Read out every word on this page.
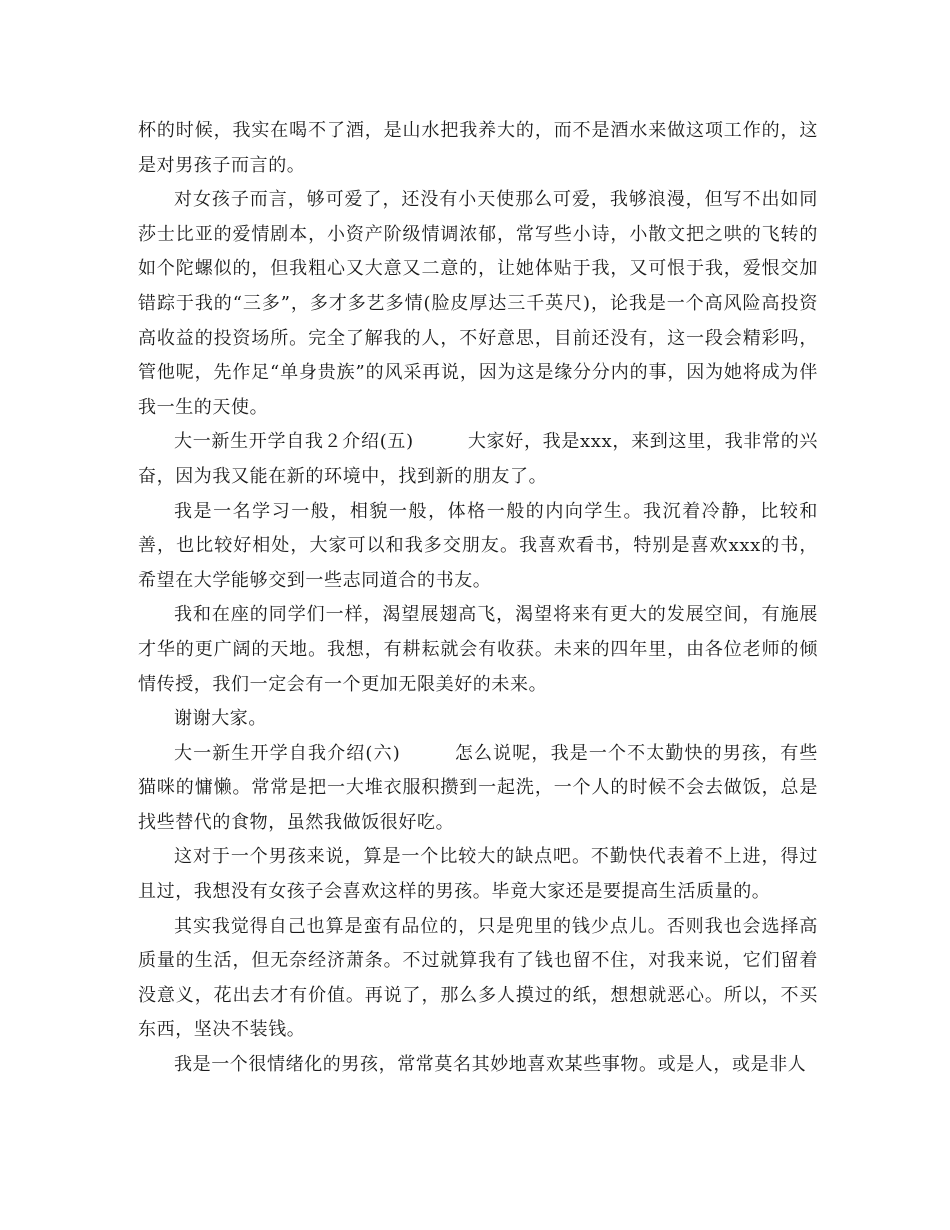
杯的时候，我实在喝不了酒，是山水把我养大的，而不是酒水来做这项工作的，这是对男孩子而言的。

对女孩子而言，够可爱了，还没有小天使那么可爱，我够浪漫，但写不出如同莎士比亚的爱情剧本，小资产阶级情调浓郁，常写些小诗，小散文把之哄的飞转的如个陀螺似的，但我粗心又大意又二意的，让她体贴于我，又可恨于我，爱恨交加错踪于我的“三多”，多才多艺多情(脸皮厚达三千英尺)，论我是一个高风险高投资高收益的投资场所。完全了解我的人，不好意思，目前还没有，这一段会精彩吗，管他呢，先作足“单身贵族”的风采再说，因为这是缘分分内的事，因为她将成为伴我一生的天使。

大一新生开学自我２介绍(五)	大家好，我是xxx，来到这里，我非常的兴奋，因为我又能在新的环境中，找到新的朋友了。

我是一名学习一般，相貌一般，体格一般的内向学生。我沉着冷静，比较和善，也比较好相处，大家可以和我多交朋友。我喜欢看书，特别是喜欢xxx的书，希望在大学能够交到一些志同道合的书友。

我和在座的同学们一样，渴望展翅高飞，渴望将来有更大的发展空间，有施展才华的更广阔的天地。我想，有耕耘就会有收获。未来的四年里，由各位老师的倾情传授，我们一定会有一个更加无限美好的未来。

谢谢大家。

大一新生开学自我介绍(六)	怎么说呢，我是一个不太勤快的男孩，有些猫咪的慵懒。常常是把一大堆衣服积攒到一起洗，一个人的时候不会去做饭，总是找些替代的食物，虽然我做饭很好吃。

这对于一个男孩来说，算是一个比较大的缺点吧。不勤快代表着不上进，得过且过，我想没有女孩子会喜欢这样的男孩。毕竟大家还是要提高生活质量的。

其实我觉得自己也算是蛮有品位的，只是兜里的钱少点儿。否则我也会选择高质量的生活，但无奈经济萧条。不过就算我有了钱也留不住，对我来说，它们留着没意义，花出去才有价值。再说了，那么多人摸过的纸，想想就恶心。所以，不买东西，坚决不装钱。

我是一个很情绪化的男孩，常常莫名其妙地喜欢某些事物。或是人，或是非人
